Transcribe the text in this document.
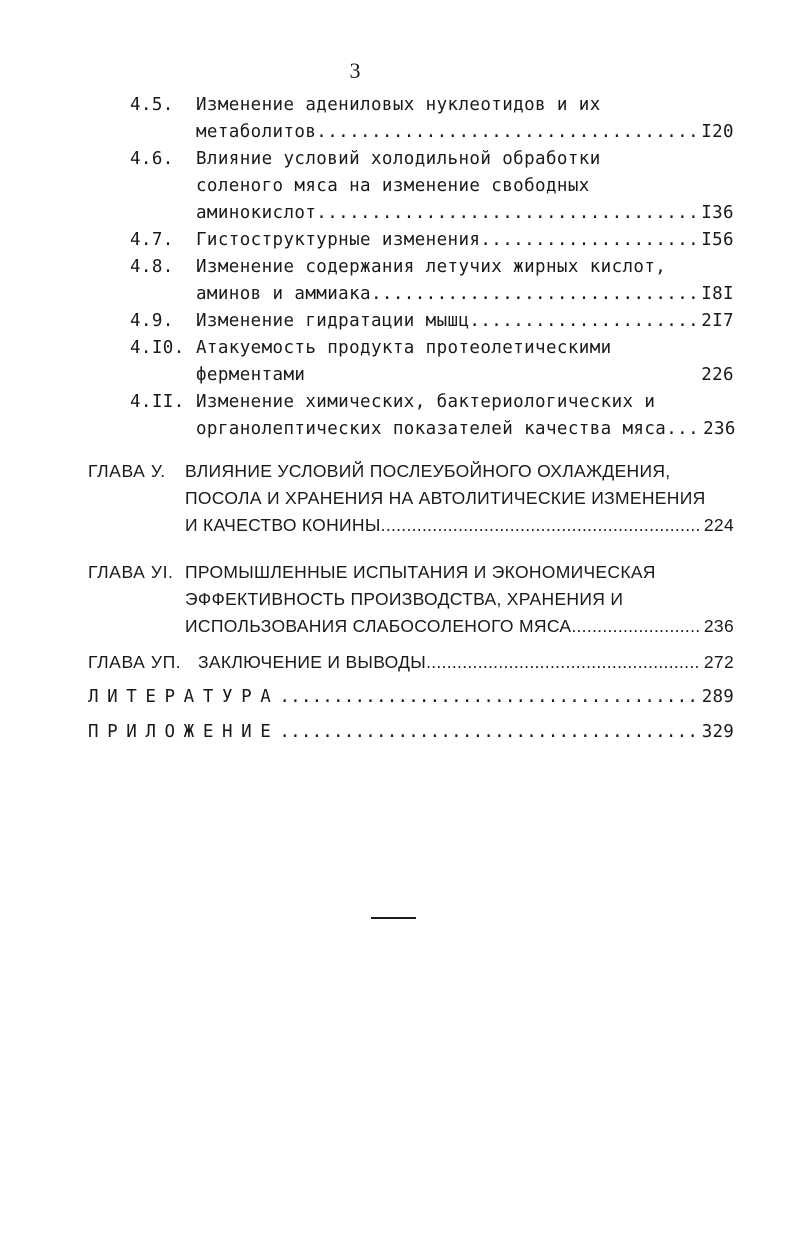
3
4.5. Изменение адениловых нуклеотидов и их
метаболитов .....	I20
4.6. Влияние условий холодильной обработки
соленого мяса на изменение свободных
аминокислот .....	I36
4.7. Гистоструктурные изменения .....	I56
4.8. Изменение содержания летучих жирных кислот,
аминов и аммиака .....	I8I
4.9. Изменение гидратации мышц .....	2I7
4.I0. Атакуемость продукта протеолетическими
ферментами	226
4.II. Изменение химических, бактериологических и
органолептических показателей качества мяса... 236
ГЛАВА У. ВЛИЯНИЕ УСЛОВИЙ ПОСЛЕУБОЙНОГО ОХЛАЖДЕНИЯ,
ПОСОЛА И ХРАНЕНИЯ НА АВТОЛИТИЧЕСКИЕ ИЗМЕНЕНИЯ
И КАЧЕСТВО КОНИНЫ .....	224
ГЛАВА УI. ПРОМЫШЛЕННЫЕ ИСПЫТАНИЯ И ЭКОНОМИЧЕСКАЯ
ЭФФЕКТИВНОСТЬ ПРОИЗВОДСТВА, ХРАНЕНИЯ И
ИСПОЛЬЗОВАНИЯ СЛАБОСОЛЕНОГО МЯСА .....	236
ГЛАВА УП. ЗАКЛЮЧЕНИЕ И ВЫВОДЫ .....	272
ЛИТЕРАТУРА .....	289
ПРИЛОЖЕНИЕ .....	329
